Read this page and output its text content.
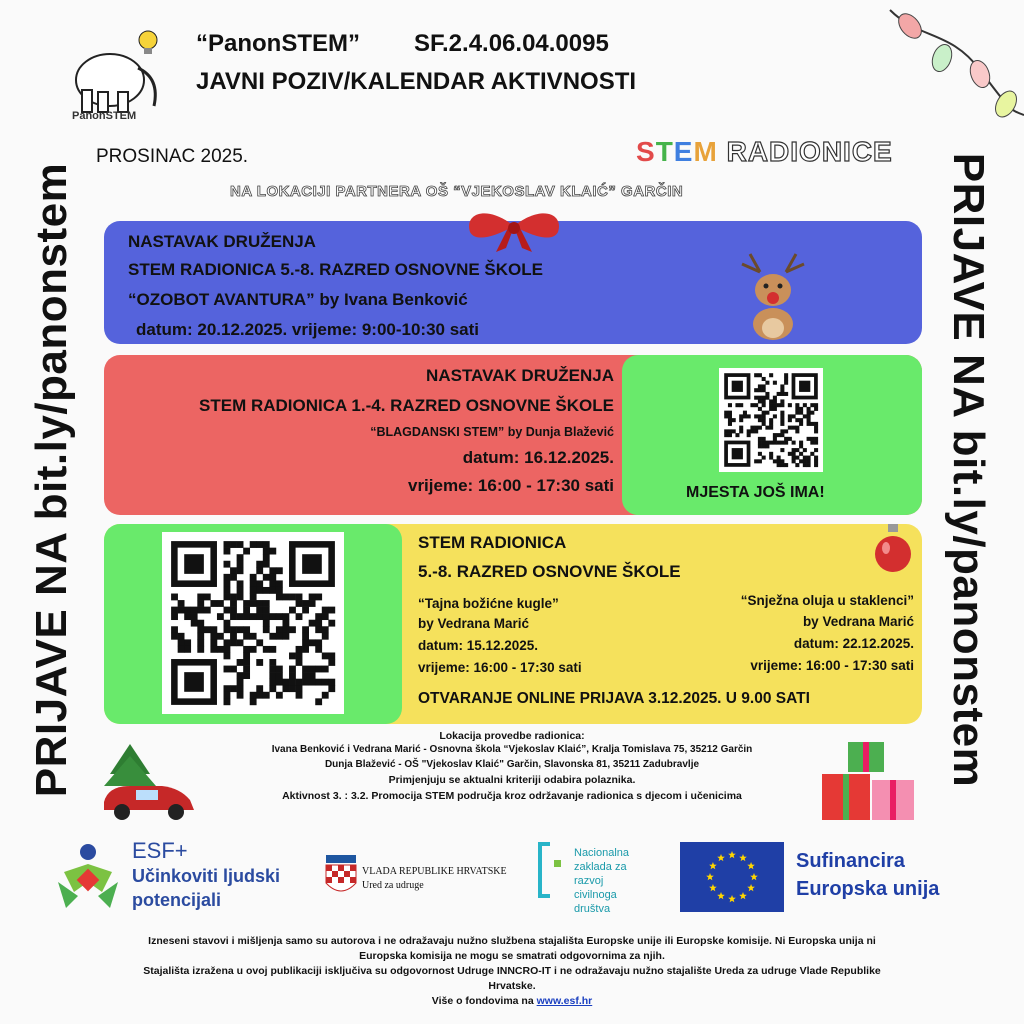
PRIJAVE NA bit.ly/panonstem	PRIJAVE NA bit.ly/panonstem
PanonSTEM
“PanonSTEM” SF.2.4.06.04.0095
JAVNI POZIV/KALENDAR AKTIVNOSTI
PROSINAC 2025.	STEM RADIONICE
NA LOKACIJI PARTNERA OŠ “VJEKOSLAV KLAIĆ” GARČIN
NASTAVAK DRUŽENJA
STEM RADIONICA 5.-8. RAZRED OSNOVNE ŠKOLE
“OZOBOT AVANTURA” by Ivana Benković
datum: 20.12.2025. vrijeme: 9:00-10:30 sati
NASTAVAK DRUŽENJA
STEM RADIONICA 1.-4. RAZRED OSNOVNE ŠKOLE
“BLAGDANSKI STEM” by Dunja Blažević
datum: 16.12.2025.
vrijeme: 16:00 - 17:30 sati	MJESTA JOŠ IMA!
STEM RADIONICA
5.-8. RAZRED OSNOVNE ŠKOLE
“Tajna božićne kugle”
by Vedrana Marić
datum: 15.12.2025.
vrijeme: 16:00 - 17:30 sati
“Snježna oluja u staklenci”
by Vedrana Marić
datum: 22.12.2025.
vrijeme: 16:00 - 17:30 sati
OTVARANJE ONLINE PRIJAVA 3.12.2025. U 9.00 SATI
Lokacija provedbe radionica:
Ivana Benković i Vedrana Marić - Osnovna škola “Vjekoslav Klaić”, Kralja Tomislava 75, 35212 Garčin
Dunja Blažević - OŠ "Vjekoslav Klaić" Garčin, Slavonska 81, 35211 Zadubravlje
Primjenjuju se aktualni kriteriji odabira polaznika.
Aktivnost 3. : 3.2. Promocija STEM područja kroz održavanje radionica s djecom i učenicima
ESF+
Učinkoviti ljudski
potencijali
VLADA REPUBLIKE HRVATSKE
Ured za udruge
Nacionalna
zaklada za
razvoj
civilnoga
društva
Sufinancira
Europska unija
Izneseni stavovi i mišljenja samo su autorova i ne odražavaju nužno službena stajališta Europske unije ili Europske komisije. Ni Europska unija ni
Europska komisija ne mogu se smatrati odgovornima za njih.
Stajališta izražena u ovoj publikaciji isključiva su odgovornost Udruge INNCRO-IT i ne odražavaju nužno stajalište Ureda za udruge Vlade Republike
Hrvatske.
Više o fondovima na www.esf.hr
